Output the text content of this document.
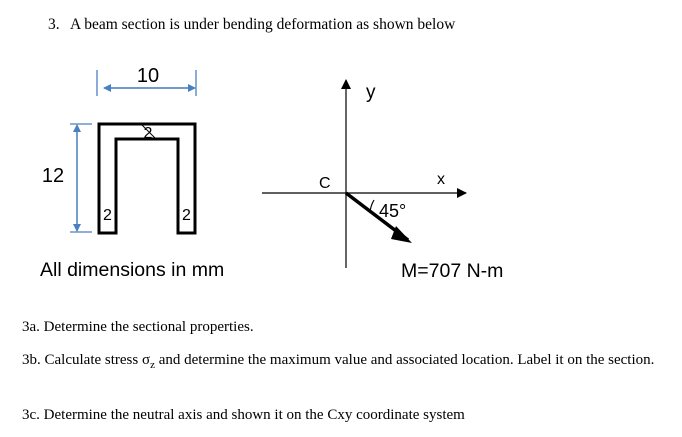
3. A beam section is under bending deformation as shown below
10
12
2
2	2
All dimensions in mm
y
x
C
45°
M=707 N-m
3a. Determine the sectional properties.
3b. Calculate stress $\sigma_z$ and determine the maximum value and associated location. Label it on the section.
3c. Determine the neutral axis and shown it on the Cxy coordinate system
